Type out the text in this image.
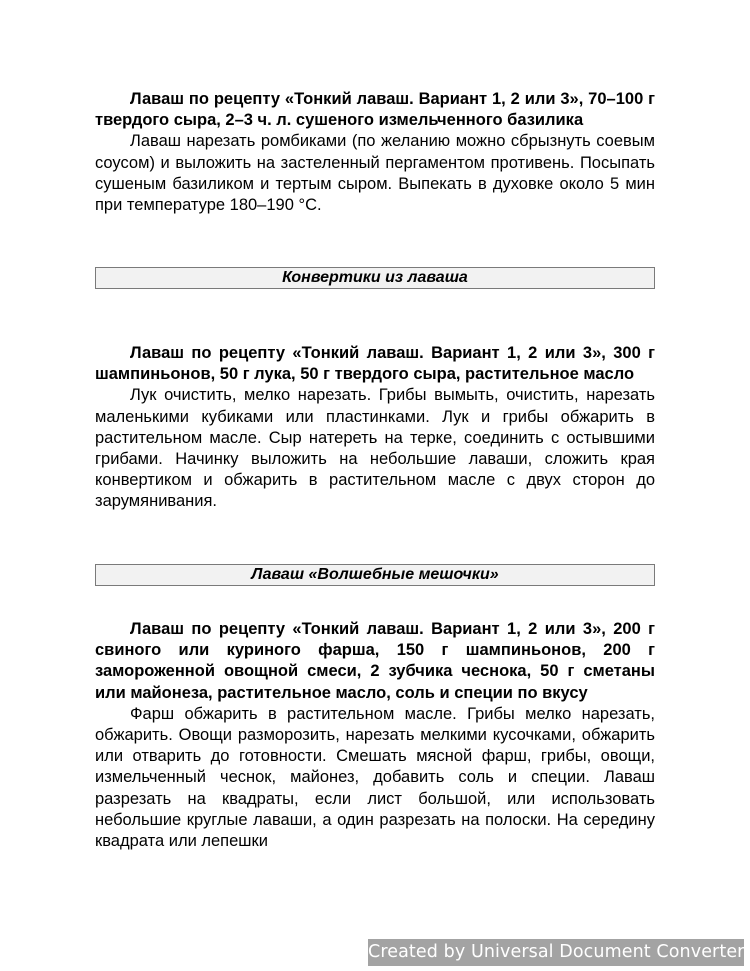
Лаваш по рецепту «Тонкий лаваш. Вариант 1, 2 или 3», 70–100 г твердого сыра, 2–3 ч. л. сушеного измельченного базилика

Лаваш нарезать ромбиками (по желанию можно сбрызнуть соевым соусом) и выложить на застеленный пергаментом противень. Посыпать сушеным базиликом и тертым сыром. Выпекать в духовке около 5 мин при температуре 180–190 °С.

Конвертики из лаваша

Лаваш по рецепту «Тонкий лаваш. Вариант 1, 2 или 3», 300 г шампиньонов, 50 г лука, 50 г твердого сыра, растительное масло

Лук очистить, мелко нарезать. Грибы вымыть, очистить, нарезать маленькими кубиками или пластинками. Лук и грибы обжарить в растительном масле. Сыр натереть на терке, соединить с остывшими грибами. Начинку выложить на небольшие лаваши, сложить края конвертиком и обжарить в растительном масле с двух сторон до зарумянивания.

Лаваш «Волшебные мешочки»

Лаваш по рецепту «Тонкий лаваш. Вариант 1, 2 или 3», 200 г свиного или куриного фарша, 150 г шампиньонов, 200 г замороженной овощной смеси, 2 зубчика чеснока, 50 г сметаны или майонеза, растительное масло, соль и специи по вкусу

Фарш обжарить в растительном масле. Грибы мелко нарезать, обжарить. Овощи разморозить, нарезать мелкими кусочками, обжарить или отварить до готовности. Смешать мясной фарш, грибы, овощи, измельченный чеснок, майонез, добавить соль и специи. Лаваш разрезать на квадраты, если лист большой, или использовать небольшие круглые лаваши, а один разрезать на полоски. На середину квадрата или лепешки

Created by Universal Document Converter
